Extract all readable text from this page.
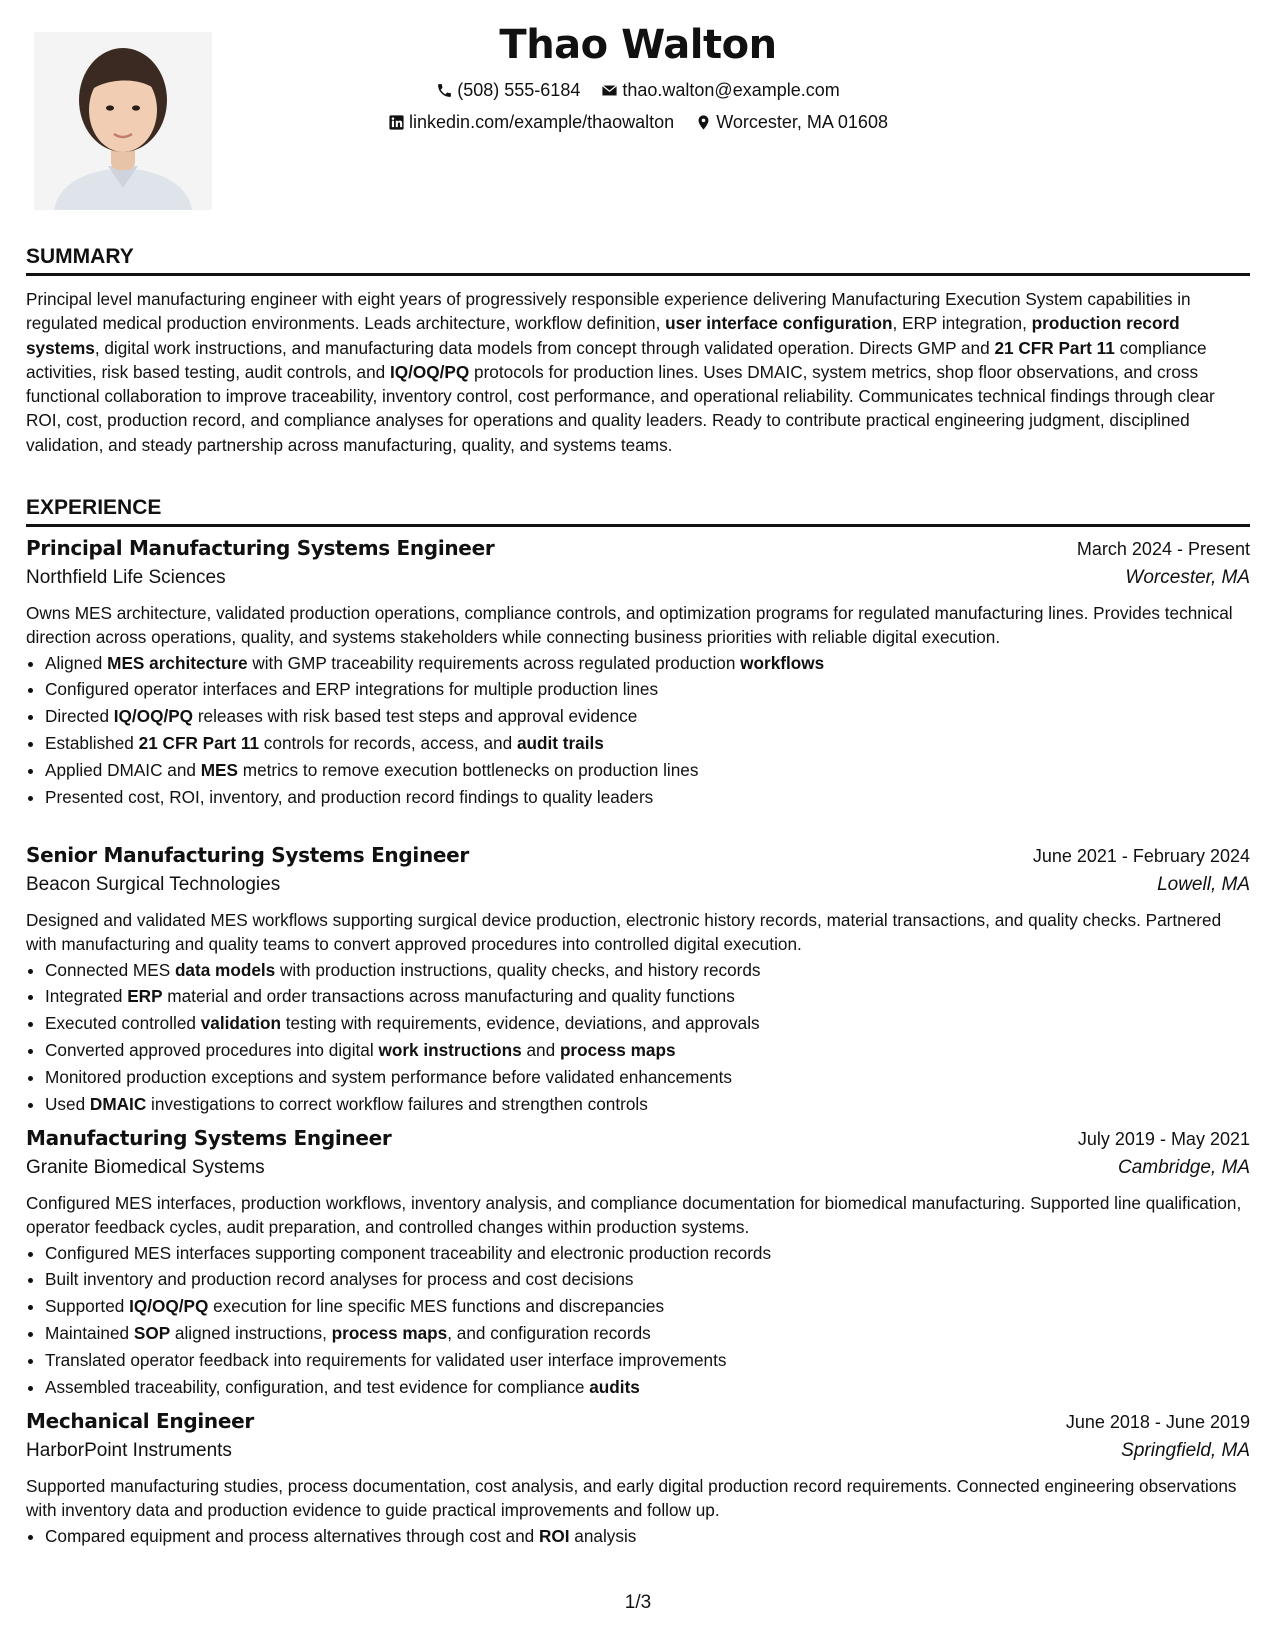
Thao Walton
(508) 555-6184
thao.walton@example.com
linkedin.com/example/thaowalton
Worcester, MA 01608
SUMMARY
Principal level manufacturing engineer with eight years of progressively responsible experience delivering Manufacturing Execution System capabilities in regulated medical production environments. Leads architecture, workflow definition, user interface configuration, ERP integration, production record systems, digital work instructions, and manufacturing data models from concept through validated operation. Directs GMP and 21 CFR Part 11 compliance activities, risk based testing, audit controls, and IQ/OQ/PQ protocols for production lines. Uses DMAIC, system metrics, shop floor observations, and cross functional collaboration to improve traceability, inventory control, cost performance, and operational reliability. Communicates technical findings through clear ROI, cost, production record, and compliance analyses for operations and quality leaders. Ready to contribute practical engineering judgment, disciplined validation, and steady partnership across manufacturing, quality, and systems teams.
EXPERIENCE
Principal Manufacturing Systems Engineer	March 2024 - Present
Northfield Life Sciences	Worcester, MA
Owns MES architecture, validated production operations, compliance controls, and optimization programs for regulated manufacturing lines. Provides technical direction across operations, quality, and systems stakeholders while connecting business priorities with reliable digital execution.
• Aligned MES architecture with GMP traceability requirements across regulated production workflows
• Configured operator interfaces and ERP integrations for multiple production lines
• Directed IQ/OQ/PQ releases with risk based test steps and approval evidence
• Established 21 CFR Part 11 controls for records, access, and audit trails
• Applied DMAIC and MES metrics to remove execution bottlenecks on production lines
• Presented cost, ROI, inventory, and production record findings to quality leaders
Senior Manufacturing Systems Engineer	June 2021 - February 2024
Beacon Surgical Technologies	Lowell, MA
Designed and validated MES workflows supporting surgical device production, electronic history records, material transactions, and quality checks. Partnered with manufacturing and quality teams to convert approved procedures into controlled digital execution.
• Connected MES data models with production instructions, quality checks, and history records
• Integrated ERP material and order transactions across manufacturing and quality functions
• Executed controlled validation testing with requirements, evidence, deviations, and approvals
• Converted approved procedures into digital work instructions and process maps
• Monitored production exceptions and system performance before validated enhancements
• Used DMAIC investigations to correct workflow failures and strengthen controls
Manufacturing Systems Engineer	July 2019 - May 2021
Granite Biomedical Systems	Cambridge, MA
Configured MES interfaces, production workflows, inventory analysis, and compliance documentation for biomedical manufacturing. Supported line qualification, operator feedback cycles, audit preparation, and controlled changes within production systems.
• Configured MES interfaces supporting component traceability and electronic production records
• Built inventory and production record analyses for process and cost decisions
• Supported IQ/OQ/PQ execution for line specific MES functions and discrepancies
• Maintained SOP aligned instructions, process maps, and configuration records
• Translated operator feedback into requirements for validated user interface improvements
• Assembled traceability, configuration, and test evidence for compliance audits
Mechanical Engineer	June 2018 - June 2019
HarborPoint Instruments	Springfield, MA
Supported manufacturing studies, process documentation, cost analysis, and early digital production record requirements. Connected engineering observations with inventory data and production evidence to guide practical improvements and follow up.
• Compared equipment and process alternatives through cost and ROI analysis
1/3
